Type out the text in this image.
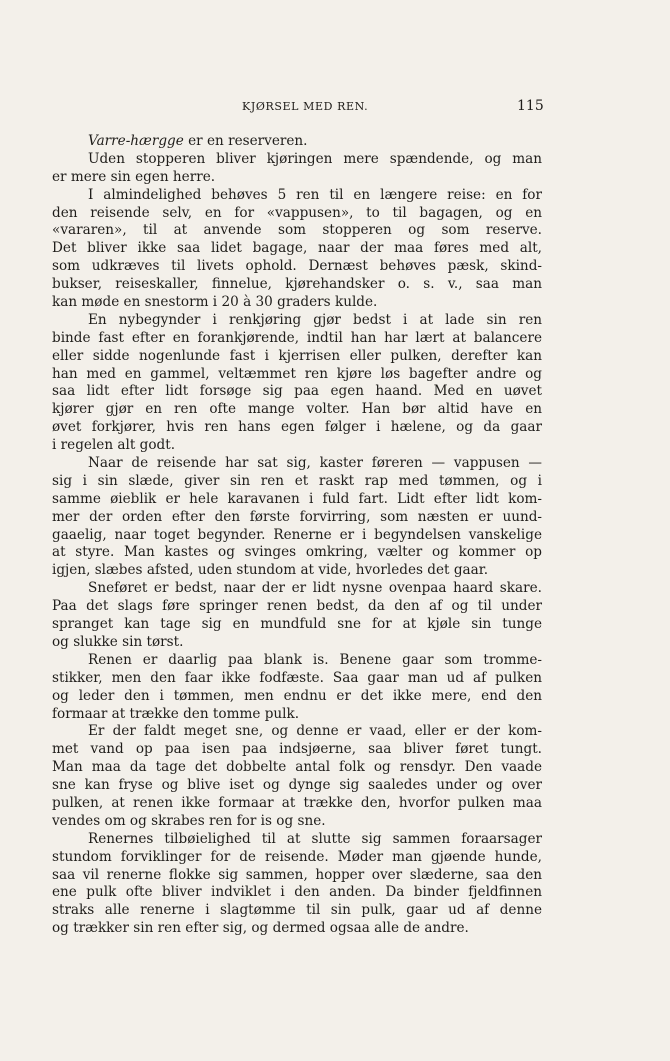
KJØRSEL MED REN.	115
Varre-hærgge er en reserveren.
Uden stopperen bliver kjøringen mere spændende, og man
er mere sin egen herre.
I almindelighed behøves 5 ren til en længere reise: en for
den reisende selv, en for «vappusen», to til bagagen, og en
«vararen», til at anvende som stopperen og som reserve.
Det bliver ikke saa lidet bagage, naar der maa føres med alt,
som udkræves til livets ophold. Dernæst behøves pæsk, skind-
bukser, reiseskaller, finnelue, kjørehandsker o. s. v., saa man
kan møde en snestorm i 20 à 30 graders kulde.
En nybegynder i renkjøring gjør bedst i at lade sin ren
binde fast efter en forankjørende, indtil han har lært at balancere
eller sidde nogenlunde fast i kjerrisen eller pulken, derefter kan
han med en gammel, veltæmmet ren kjøre løs bagefter andre og
saa lidt efter lidt forsøge sig paa egen haand. Med en uøvet
kjører gjør en ren ofte mange volter. Han bør altid have en
øvet forkjører, hvis ren hans egen følger i hælene, og da gaar
i regelen alt godt.
Naar de reisende har sat sig, kaster føreren — vappusen —
sig i sin slæde, giver sin ren et raskt rap med tømmen, og i
samme øieblik er hele karavanen i fuld fart. Lidt efter lidt kom-
mer der orden efter den første forvirring, som næsten er uund-
gaaelig, naar toget begynder. Renerne er i begyndelsen vanskelige
at styre. Man kastes og svinges omkring, vælter og kommer op
igjen, slæbes afsted, uden stundom at vide, hvorledes det gaar.
Sneføret er bedst, naar der er lidt nysne ovenpaa haard skare.
Paa det slags føre springer renen bedst, da den af og til under
spranget kan tage sig en mundfuld sne for at kjøle sin tunge
og slukke sin tørst.
Renen er daarlig paa blank is. Benene gaar som tromme-
stikker, men den faar ikke fodfæste. Saa gaar man ud af pulken
og leder den i tømmen, men endnu er det ikke mere, end den
formaar at trække den tomme pulk.
Er der faldt meget sne, og denne er vaad, eller er der kom-
met vand op paa isen paa indsjøerne, saa bliver føret tungt.
Man maa da tage det dobbelte antal folk og rensdyr. Den vaade
sne kan fryse og blive iset og dynge sig saaledes under og over
pulken, at renen ikke formaar at trække den, hvorfor pulken maa
vendes om og skrabes ren for is og sne.
Renernes tilbøielighed til at slutte sig sammen foraarsager
stundom forviklinger for de reisende. Møder man gjøende hunde,
saa vil renerne flokke sig sammen, hopper over slæderne, saa den
ene pulk ofte bliver indviklet i den anden. Da binder fjeldfinnen
straks alle renerne i slagtømme til sin pulk, gaar ud af denne
og trækker sin ren efter sig, og dermed ogsaa alle de andre.
